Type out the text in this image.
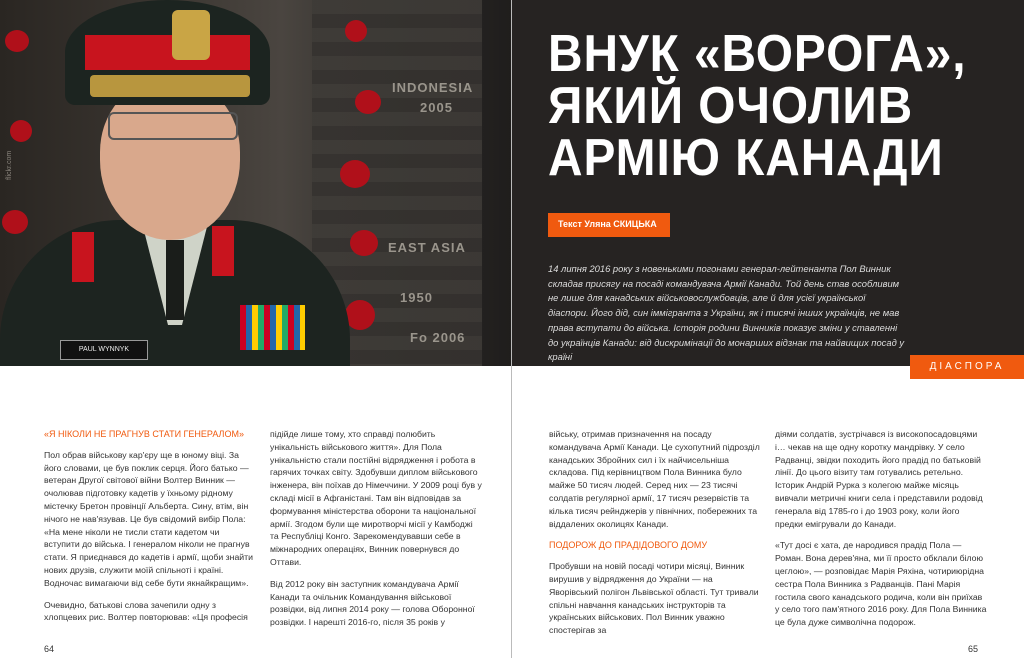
PAUL WYNNYK
INDONESIA
2005
EAST ASIA
1950
Fo 2006
flickr.com
ВНУК «ВОРОГА»,
ЯКИЙ ОЧОЛИВ
АРМІЮ КАНАДИ
Текст Уляна СКИЦЬКА
14 липня 2016 року з новенькими погонами генерал-лейтенанта Пол Винник складав присягу на посаді командувача Армії Канади. Той день став особливим не лише для канадських військовослужбовців, але й для усієї української діаспори. Його дід, син іммігранта з України, як і тисячі інших українців, не мав права вступати до війська. Історія родини Винників показує зміни у ставленні до українців Канади: від дискримінації до монарших відзнак та найвищих посад у країні
ДІАСПОРА
«Я НІКОЛИ НЕ ПРАГНУВ СТАТИ ГЕНЕРАЛОМ»

Пол обрав військову кар'єру ще в юному віці. За його словами, це був поклик серця. Його батько — ветеран Другої світової війни Волтер Винник — очолював підготовку кадетів у їхньому рідному містечку Бретон провінції Альберта. Сину, втім, він нічого не нав'язував. Це був свідомий вибір Пола: «На мене ніколи не тисли стати кадетом чи вступити до війська. І генералом ніколи не прагнув стати. Я приєднався до кадетів і армії, щоби знайти нових друзів, служити моїй спільноті і країні. Водночас вимагаючи від себе бути якнайкращим».

Очевидно, батькові слова зачепили одну з хлопцевих рис. Волтер повторював: «Ця професія

підійде лише тому, хто справді полюбить унікальність військового життя». Для Пола унікальністю стали постійні відрядження і робота в гарячих точках світу. Здобувши диплом військового інженера, він поїхав до Німеччини. У 2009 році був у складі місії в Афганістані. Там він відповідав за формування міністерства оборони та національної армії. Згодом були ще миротворчі місії у Камбоджі та Республіці Конго. Зарекомендувавши себе в міжнародних операціях, Винник повернувся до Оттави.

Від 2012 року він заступник командувача Армії Канади та очільник Командування військової розвідки, від липня 2014 року — голова Оборонної розвідки. І нарешті 2016-го, після 35 років у

війську, отримав призначення на посаду командувача Армії Канади. Це сухопутний підрозділ канадських Збройних сил і їх найчисельніша складова. Під керівництвом Пола Винника було майже 50 тисяч людей. Серед них — 23 тисячі солдатів регулярної армії, 17 тисяч резервістів та кілька тисяч рейнджерів у північних, побережних та віддалених околицях Канади.

ПОДОРОЖ ДО ПРАДІДОВОГО ДОМУ

Пробувши на новій посаді чотири місяці, Винник вирушив у відрядження до України — на Яворівський полігон Львівської області. Тут тривали спільні навчання канадських інструкторів та українських військових. Пол Винник уважно спостерігав за

діями солдатів, зустрічався із високопосадовцями і… чекав на ще одну коротку мандрівку. У село Радванці, звідки походить його прадід по батьковій лінії. До цього візиту там готувались ретельно. Історик Андрій Рурка з колегою майже місяць вивчали метричні книги села і представили родовід генерала від 1785-го і до 1903 року, коли його предки емігрували до Канади.

«Тут досі є хата, де народився прадід Пола — Роман. Вона дерев'яна, ми її просто обклали білою цеглою», — розповідає Марія Ряхіна, чотириюрідна сестра Пола Винника з Радванців. Пані Марія гостила свого канадського родича, коли він приїхав у село того пам'ятного 2016 року. Для Пола Винника це була дуже символічна подорож.

64	65
